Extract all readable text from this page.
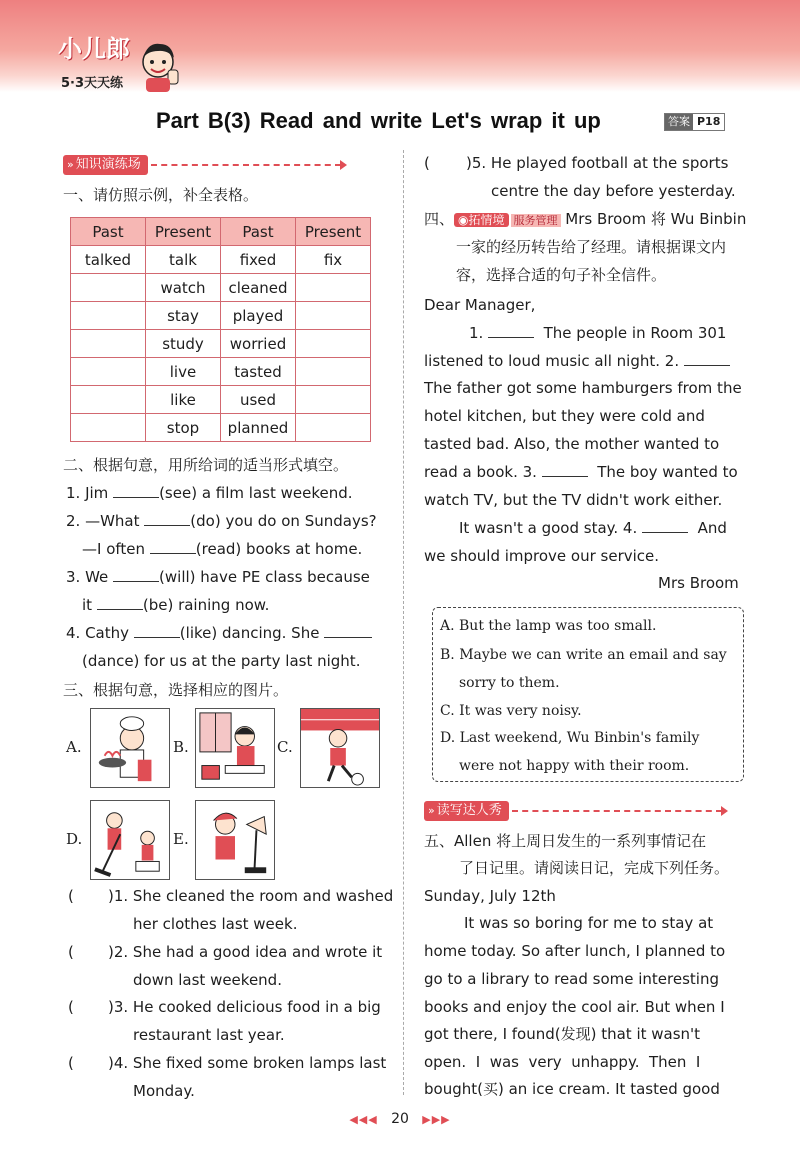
小儿郎
5·3天天练
Part B(3) Read and write Let's wrap it up	答案 P18
» 知识演练场
一、请仿照示例，补全表格。
Past	Present	Past	Present
talked	talk	fixed	fix
	watch	cleaned	
	stay	played	
	study	worried	
	live	tasted	
	like	used	
	stop	planned	
二、根据句意，用所给词的适当形式填空。
1. Jim	(see) a film last weekend.
2. —What	(do) you do on Sundays?
—I often	(read) books at home.
3. We	(will) have PE class because
it	(be) raining now.
4. Cathy	(like) dancing. She
(dance) for us at the party last night.
三、根据句意，选择相应的图片。
A.	B.	C.
D.	E.
( )1. She cleaned the room and washed
her clothes last week.
( )2. She had a good idea and wrote it
down last weekend.
( )3. He cooked delicious food in a big
restaurant last year.
( )4. She fixed some broken lamps last
Monday.
( )5. He played football at the sports
centre the day before yesterday.
四、 ◉拓情境 服务管理 Mrs Broom 将 Wu Binbin
一家的经历转告给了经理。请根据课文内
容，选择合适的句子补全信件。
Dear Manager,
1.	The people in Room 301
listened to loud music all night. 2.
The father got some hamburgers from the
hotel kitchen, but they were cold and
tasted bad. Also, the mother wanted to
read a book. 3.	The boy wanted to
watch TV, but the TV didn't work either.
It wasn't a good stay. 4.	And
we should improve our service.
Mrs Broom
A. But the lamp was too small.
B. Maybe we can write an email and say
sorry to them.
C. It was very noisy.
D. Last weekend, Wu Binbin's family
were not happy with their room.
» 读写达人秀
五、Allen 将上周日发生的一系列事情记在
了日记里。请阅读日记，完成下列任务。
Sunday, July 12th
It was so boring for me to stay at
home today. So after lunch, I planned to
go to a library to read some interesting
books and enjoy the cool air. But when I
got there, I found(发现) that it wasn't
open.  I  was  very  unhappy.  Then  I
bought(买) an ice cream. It tasted good
◀◀◀ 20 ▶▶▶
